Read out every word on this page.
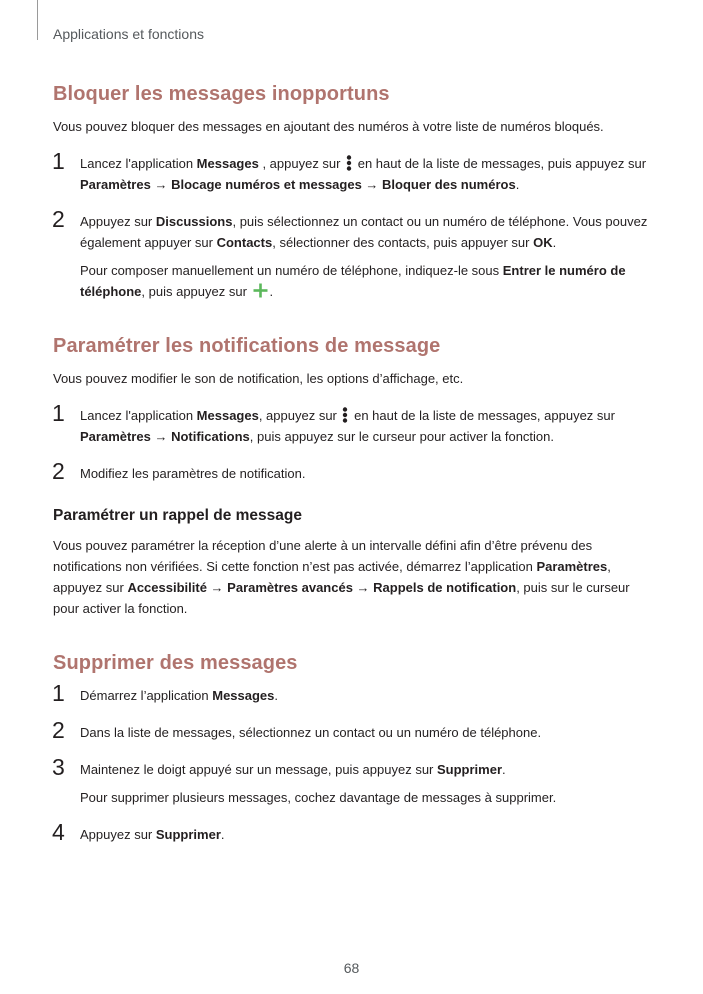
Applications et fonctions
Bloquer les messages inopportuns

Vous pouvez bloquer des messages en ajoutant des numéros à votre liste de numéros bloqués.

1 Lancez l'application Messages , appuyez sur  en haut de la liste de messages, puis appuyez sur Paramètres → Blocage numéros et messages → Bloquer des numéros.

2 Appuyez sur Discussions, puis sélectionnez un contact ou un numéro de téléphone. Vous pouvez également appuyer sur Contacts, sélectionner des contacts, puis appuyer sur OK.

Pour composer manuellement un numéro de téléphone, indiquez-le sous Entrer le numéro de téléphone, puis appuyez sur .

Paramétrer les notifications de message

Vous pouvez modifier le son de notification, les options d’affichage, etc.

1 Lancez l'application Messages, appuyez sur  en haut de la liste de messages, appuyez sur Paramètres → Notifications, puis appuyez sur le curseur pour activer la fonction.

2 Modifiez les paramètres de notification.

Paramétrer un rappel de message

Vous pouvez paramétrer la réception d’une alerte à un intervalle défini afin d’être prévenu des notifications non vérifiées. Si cette fonction n’est pas activée, démarrez l’application Paramètres, appuyez sur Accessibilité → Paramètres avancés → Rappels de notification, puis sur le curseur pour activer la fonction.

Supprimer des messages
1 Démarrez l’application Messages.

2 Dans la liste de messages, sélectionnez un contact ou un numéro de téléphone.

3 Maintenez le doigt appuyé sur un message, puis appuyez sur Supprimer.

Pour supprimer plusieurs messages, cochez davantage de messages à supprimer.

4 Appuyez sur Supprimer.

68
